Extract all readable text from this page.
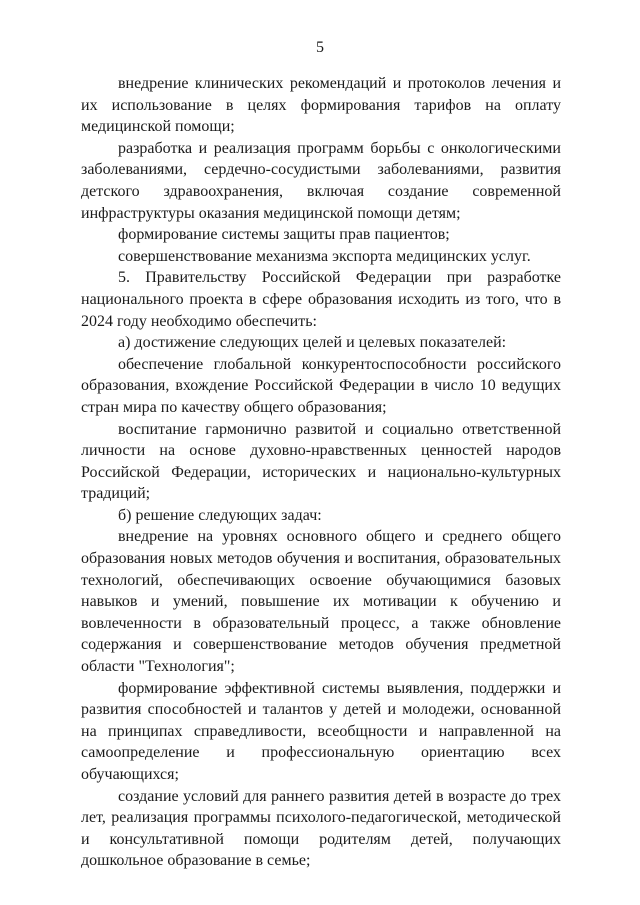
5

внедрение клинических рекомендаций и протоколов лечения и их использование в целях формирования тарифов на оплату медицинской помощи;

разработка и реализация программ борьбы с онкологическими заболеваниями, сердечно-сосудистыми заболеваниями, развития детского здравоохранения, включая создание современной инфраструктуры оказания медицинской помощи детям;

формирование системы защиты прав пациентов;

совершенствование механизма экспорта медицинских услуг.

5. Правительству Российской Федерации при разработке национального проекта в сфере образования исходить из того, что в 2024 году необходимо обеспечить:

а) достижение следующих целей и целевых показателей:

обеспечение глобальной конкурентоспособности российского образования, вхождение Российской Федерации в число 10 ведущих стран мира по качеству общего образования;

воспитание гармонично развитой и социально ответственной личности на основе духовно-нравственных ценностей народов Российской Федерации, исторических и национально-культурных традиций;

б) решение следующих задач:

внедрение на уровнях основного общего и среднего общего образования новых методов обучения и воспитания, образовательных технологий, обеспечивающих освоение обучающимися базовых навыков и умений, повышение их мотивации к обучению и вовлеченности в образовательный процесс, а также обновление содержания и совершенствование методов обучения предметной области "Технология";

формирование эффективной системы выявления, поддержки и развития способностей и талантов у детей и молодежи, основанной на принципах справедливости, всеобщности и направленной на самоопределение и профессиональную ориентацию всех обучающихся;

создание условий для раннего развития детей в возрасте до трех лет, реализация программы психолого-педагогической, методической и консультативной помощи родителям детей, получающих дошкольное образование в семье;
